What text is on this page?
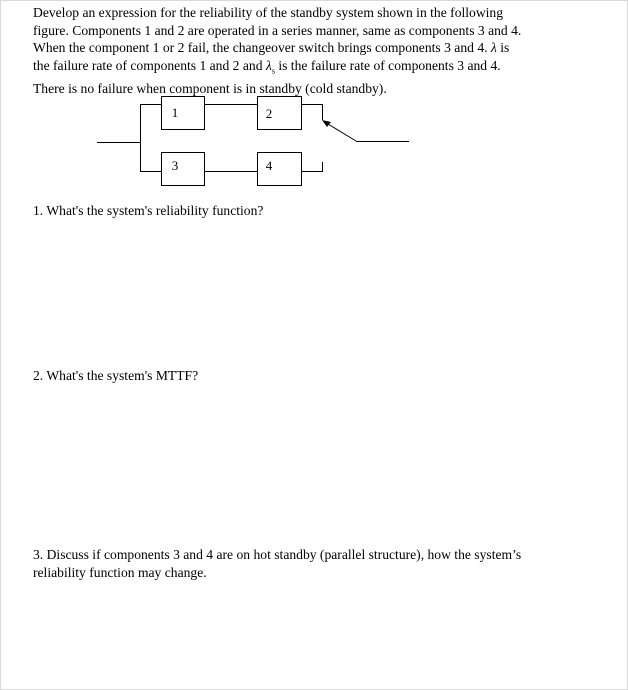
Develop an expression for the reliability of the standby system shown in the following
figure. Components 1 and 2 are operated in a series manner, same as components 3 and 4.
When the component 1 or 2 fail, the changeover switch brings components 3 and 4. λ is
the failure rate of components 1 and 2 and $\lambda_s$ is the failure rate of components 3 and 4.
There is no failure when component is in standby (cold standby).
1	2
3	4
1. What's the system's reliability function?
2. What's the system's MTTF?
3. Discuss if components 3 and 4 are on hot standby (parallel structure), how the system’s
reliability function may change.
